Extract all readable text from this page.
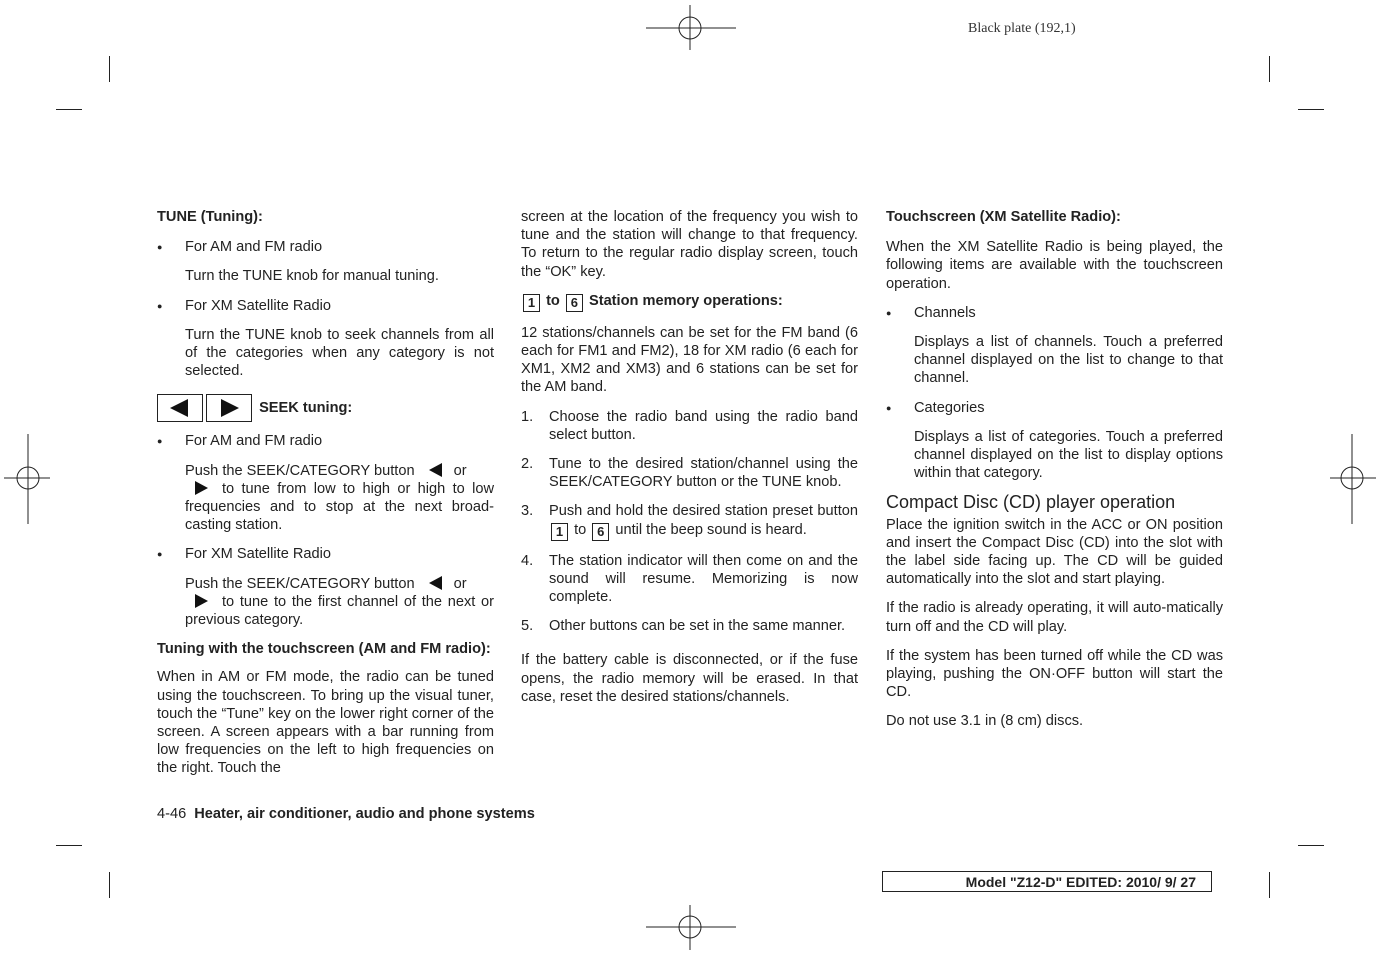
Black plate (192,1)
TUNE (Tuning):
● For AM and FM radio

Turn the TUNE knob for manual tuning.

● For XM Satellite Radio

Turn the TUNE knob to seek channels from all of the categories when any category is not selected.

SEEK tuning:
● For AM and FM radio

Push the SEEK/CATEGORY button	or
to tune from low to high or high to low frequencies and to stop at the next broad-casting station.

● For XM Satellite Radio

Push the SEEK/CATEGORY button	or
to tune to the first channel of the next or previous category.

Tuning with the touchscreen (AM and FM radio):

When in AM or FM mode, the radio can be tuned using the touchscreen. To bring up the visual tuner, touch the “Tune” key on the lower right corner of the screen. A screen appears with a bar running from low frequencies on the left to high frequencies on the right. Touch the

screen at the location of the frequency you wish to tune and the station will change to that frequency. To return to the regular radio display screen, touch the “OK” key.

1 to 6 Station memory operations:

12 stations/channels can be set for the FM band (6 each for FM1 and FM2), 18 for XM radio (6 each for XM1, XM2 and XM3) and 6 stations can be set for the AM band.

1. Choose the radio band using the radio band select button.
2. Tune to the desired station/channel using the SEEK/CATEGORY button or the TUNE knob.
3. Push and hold the desired station preset button 1 to 6 until the beep sound is heard.
4. The station indicator will then come on and the sound will resume. Memorizing is now complete.
5. Other buttons can be set in the same manner.

If the battery cable is disconnected, or if the fuse opens, the radio memory will be erased. In that case, reset the desired stations/channels.

Touchscreen (XM Satellite Radio):

When the XM Satellite Radio is being played, the following items are available with the touchscreen operation.

● Channels

Displays a list of channels. Touch a preferred channel displayed on the list to change to that channel.

● Categories

Displays a list of categories. Touch a preferred channel displayed on the list to display options within that category.

Compact Disc (CD) player operation

Place the ignition switch in the ACC or ON position and insert the Compact Disc (CD) into the slot with the label side facing up. The CD will be guided automatically into the slot and start playing.

If the radio is already operating, it will auto-matically turn off and the CD will play.

If the system has been turned off while the CD was playing, pushing the ON·OFF button will start the CD.

Do not use 3.1 in (8 cm) discs.

4-46 Heater, air conditioner, audio and phone systems
Model "Z12-D" EDITED: 2010/ 9/ 27
